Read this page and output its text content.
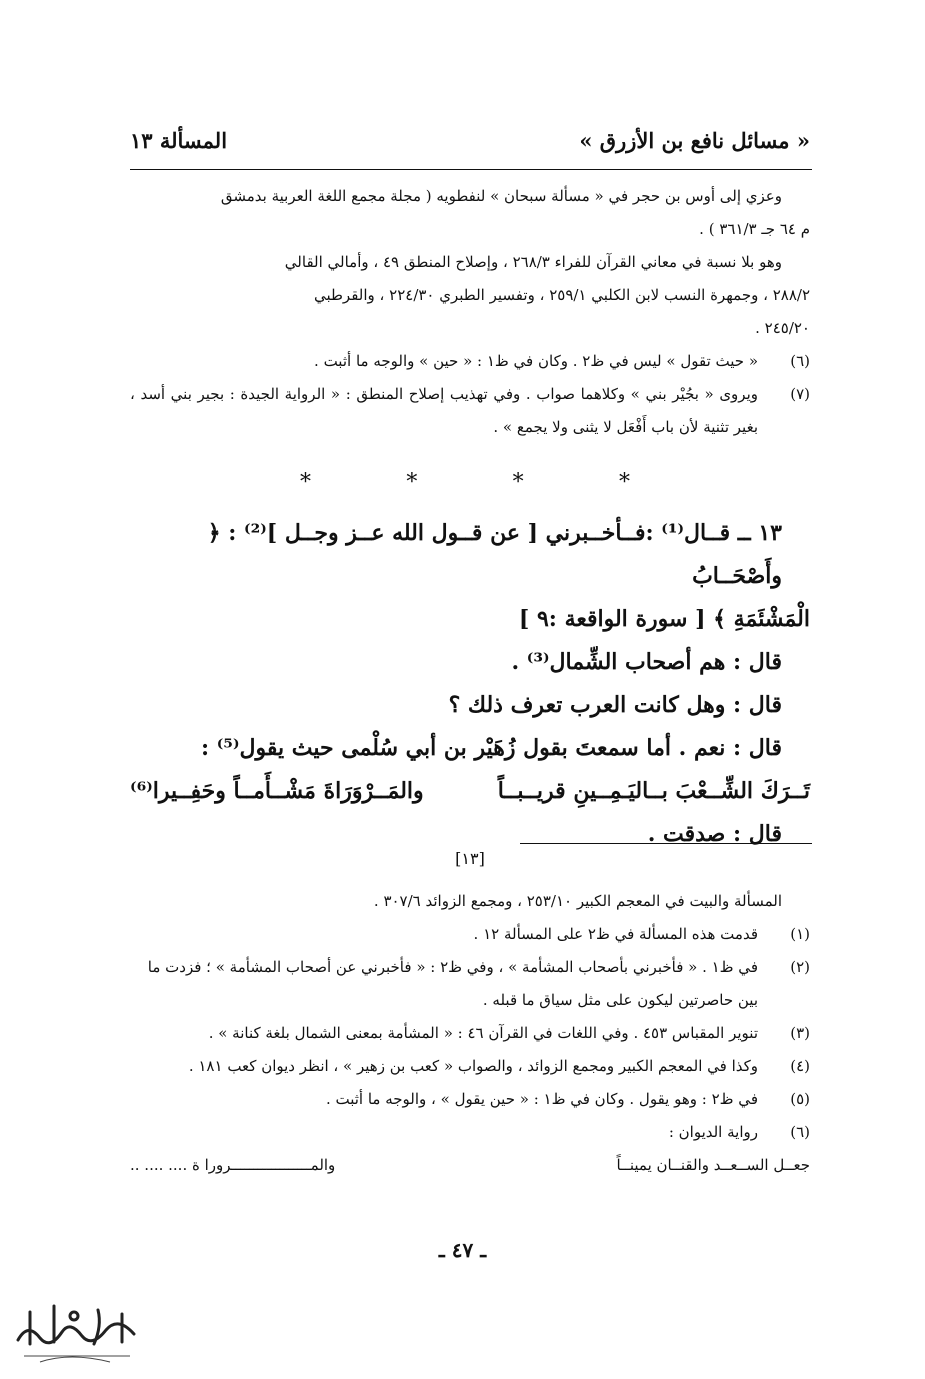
« مسائل نافع بن الأزرق »
المسألة ١٣

وعزي إلى أوس بن حجر في « مسألة سبحان » لنفطويه ( مجلة مجمع اللغة العربية بدمشق
م ٦٤ جـ ٣٦١/٣ ) .

وهو بلا نسبة في معاني القرآن للفراء ٢٦٨/٣ ، وإصلاح المنطق ٤٩ ، وأمالي القالي
٢٨٨/٢ ، وجمهرة النسب لابن الكلبي ٢٥٩/١ ، وتفسير الطبري ٢٢٤/٣٠ ، والقرطبي
٢٤٥/٢٠ .

(٦)
« حيث تقول » ليس في ظ٢ . وكان في ظ١ : « حين » والوجه ما أثبت .

(٧)
ويروى « بجُيْر بني » وكلاهما صواب . وفي تهذيب إصلاح المنطق : « الرواية الجيدة : بجير بني أسد ، بغير تثنية لأن باب أَفْعَل لا يثنى ولا يجمع » .

*	*	*	*

١٣ ــ قــال⁽¹⁾ :فــأخــبرني [ عن قــول الله عــز وجــل ]⁽²⁾ : ﴿ وأَصْحَــابُ

الْمَشْئَمَةِ ﴾ [ سورة الواقعة :٩ ]

قال : هم أصحاب الشِّمال⁽³⁾ .

قال : وهل كانت العرب تعرف ذلك ؟

قال : نعم . أما سمعتَ بقول زُهَيْر بن أبي سُلْمى حيث يقول⁽⁵⁾ :

تَــرَكَ الشِّــعْبَ بــاليَـمِــينِ قريــبــاً
والمَــرْوَرَاةَ مَشْــأَمــاً وحَفِــيرا⁽⁶⁾

قال : صدقت .

[١٣]

المسألة والبيت في المعجم الكبير ٢٥٣/١٠ ، ومجمع الزوائد ٣٠٧/٦ .

(١)
قدمت هذه المسألة في ظ٢ على المسألة ١٢ .

(٢)
في ظ١ . « فأخبرني بأصحاب المشأمة » ، وفي ظ٢ : « فأخبرني عن أصحاب المشأمة » ؛ فزدت ما بين حاصرتين ليكون على مثل سياق ما قبله .

(٣)
تنوير المقباس ٤٥٣ . وفي اللغات في القرآن ٤٦ : « المشأمة بمعنى الشمال بلغة كنانة » .

(٤)
وكذا في المعجم الكبير ومجمع الزوائد ، والصواب « كعب بن زهير » ، انظر ديوان كعب ١٨١ .

(٥)
في ظ٢ : وهو يقول . وكان في ظ١ : « حين يقول » ، والوجه ما أثبت .

(٦)
رواية الديوان :

جعــل الســعــد والقنــان يمينــاً
والمــــــــــــــــــرورا ة .... .... ..

ـ ٤٧ ـ
